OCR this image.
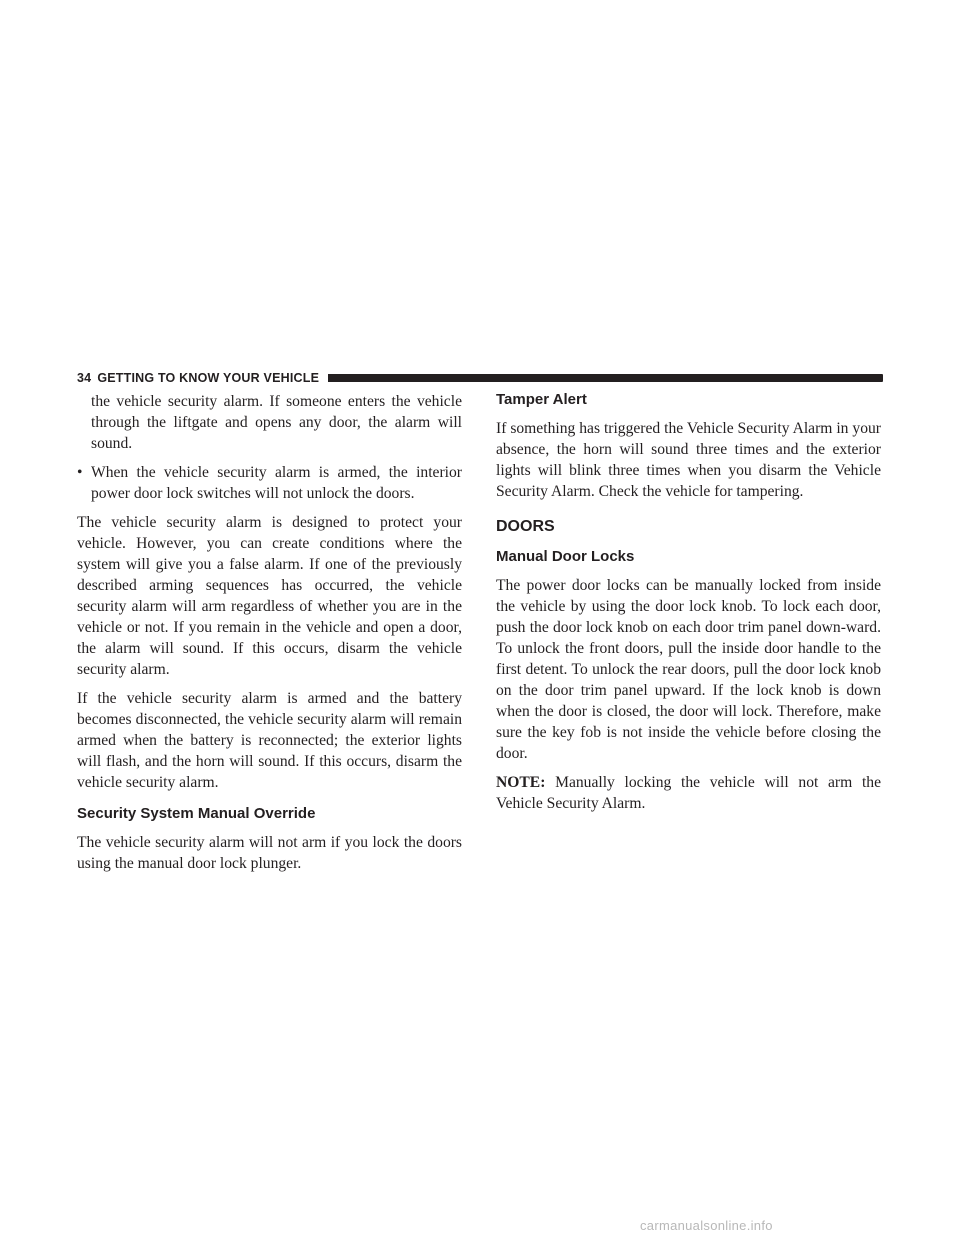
34 GETTING TO KNOW YOUR VEHICLE

the vehicle security alarm. If someone enters the vehicle through the liftgate and opens any door, the alarm will sound.

• When the vehicle security alarm is armed, the interior power door lock switches will not unlock the doors.

The vehicle security alarm is designed to protect your vehicle. However, you can create conditions where the system will give you a false alarm. If one of the previously described arming sequences has occurred, the vehicle security alarm will arm regardless of whether you are in the vehicle or not. If you remain in the vehicle and open a door, the alarm will sound. If this occurs, disarm the vehicle security alarm.

If the vehicle security alarm is armed and the battery becomes disconnected, the vehicle security alarm will remain armed when the battery is reconnected; the exterior lights will flash, and the horn will sound. If this occurs, disarm the vehicle security alarm.

Security System Manual Override

The vehicle security alarm will not arm if you lock the doors using the manual door lock plunger.

Tamper Alert

If something has triggered the Vehicle Security Alarm in your absence, the horn will sound three times and the exterior lights will blink three times when you disarm the Vehicle Security Alarm. Check the vehicle for tampering.

DOORS
Manual Door Locks

The power door locks can be manually locked from inside the vehicle by using the door lock knob. To lock each door, push the door lock knob on each door trim panel down-ward. To unlock the front doors, pull the inside door handle to the first detent. To unlock the rear doors, pull the door lock knob on the door trim panel upward. If the lock knob is down when the door is closed, the door will lock. Therefore, make sure the key fob is not inside the vehicle before closing the door.

NOTE: Manually locking the vehicle will not arm the Vehicle Security Alarm.

carmanualsonline.info
